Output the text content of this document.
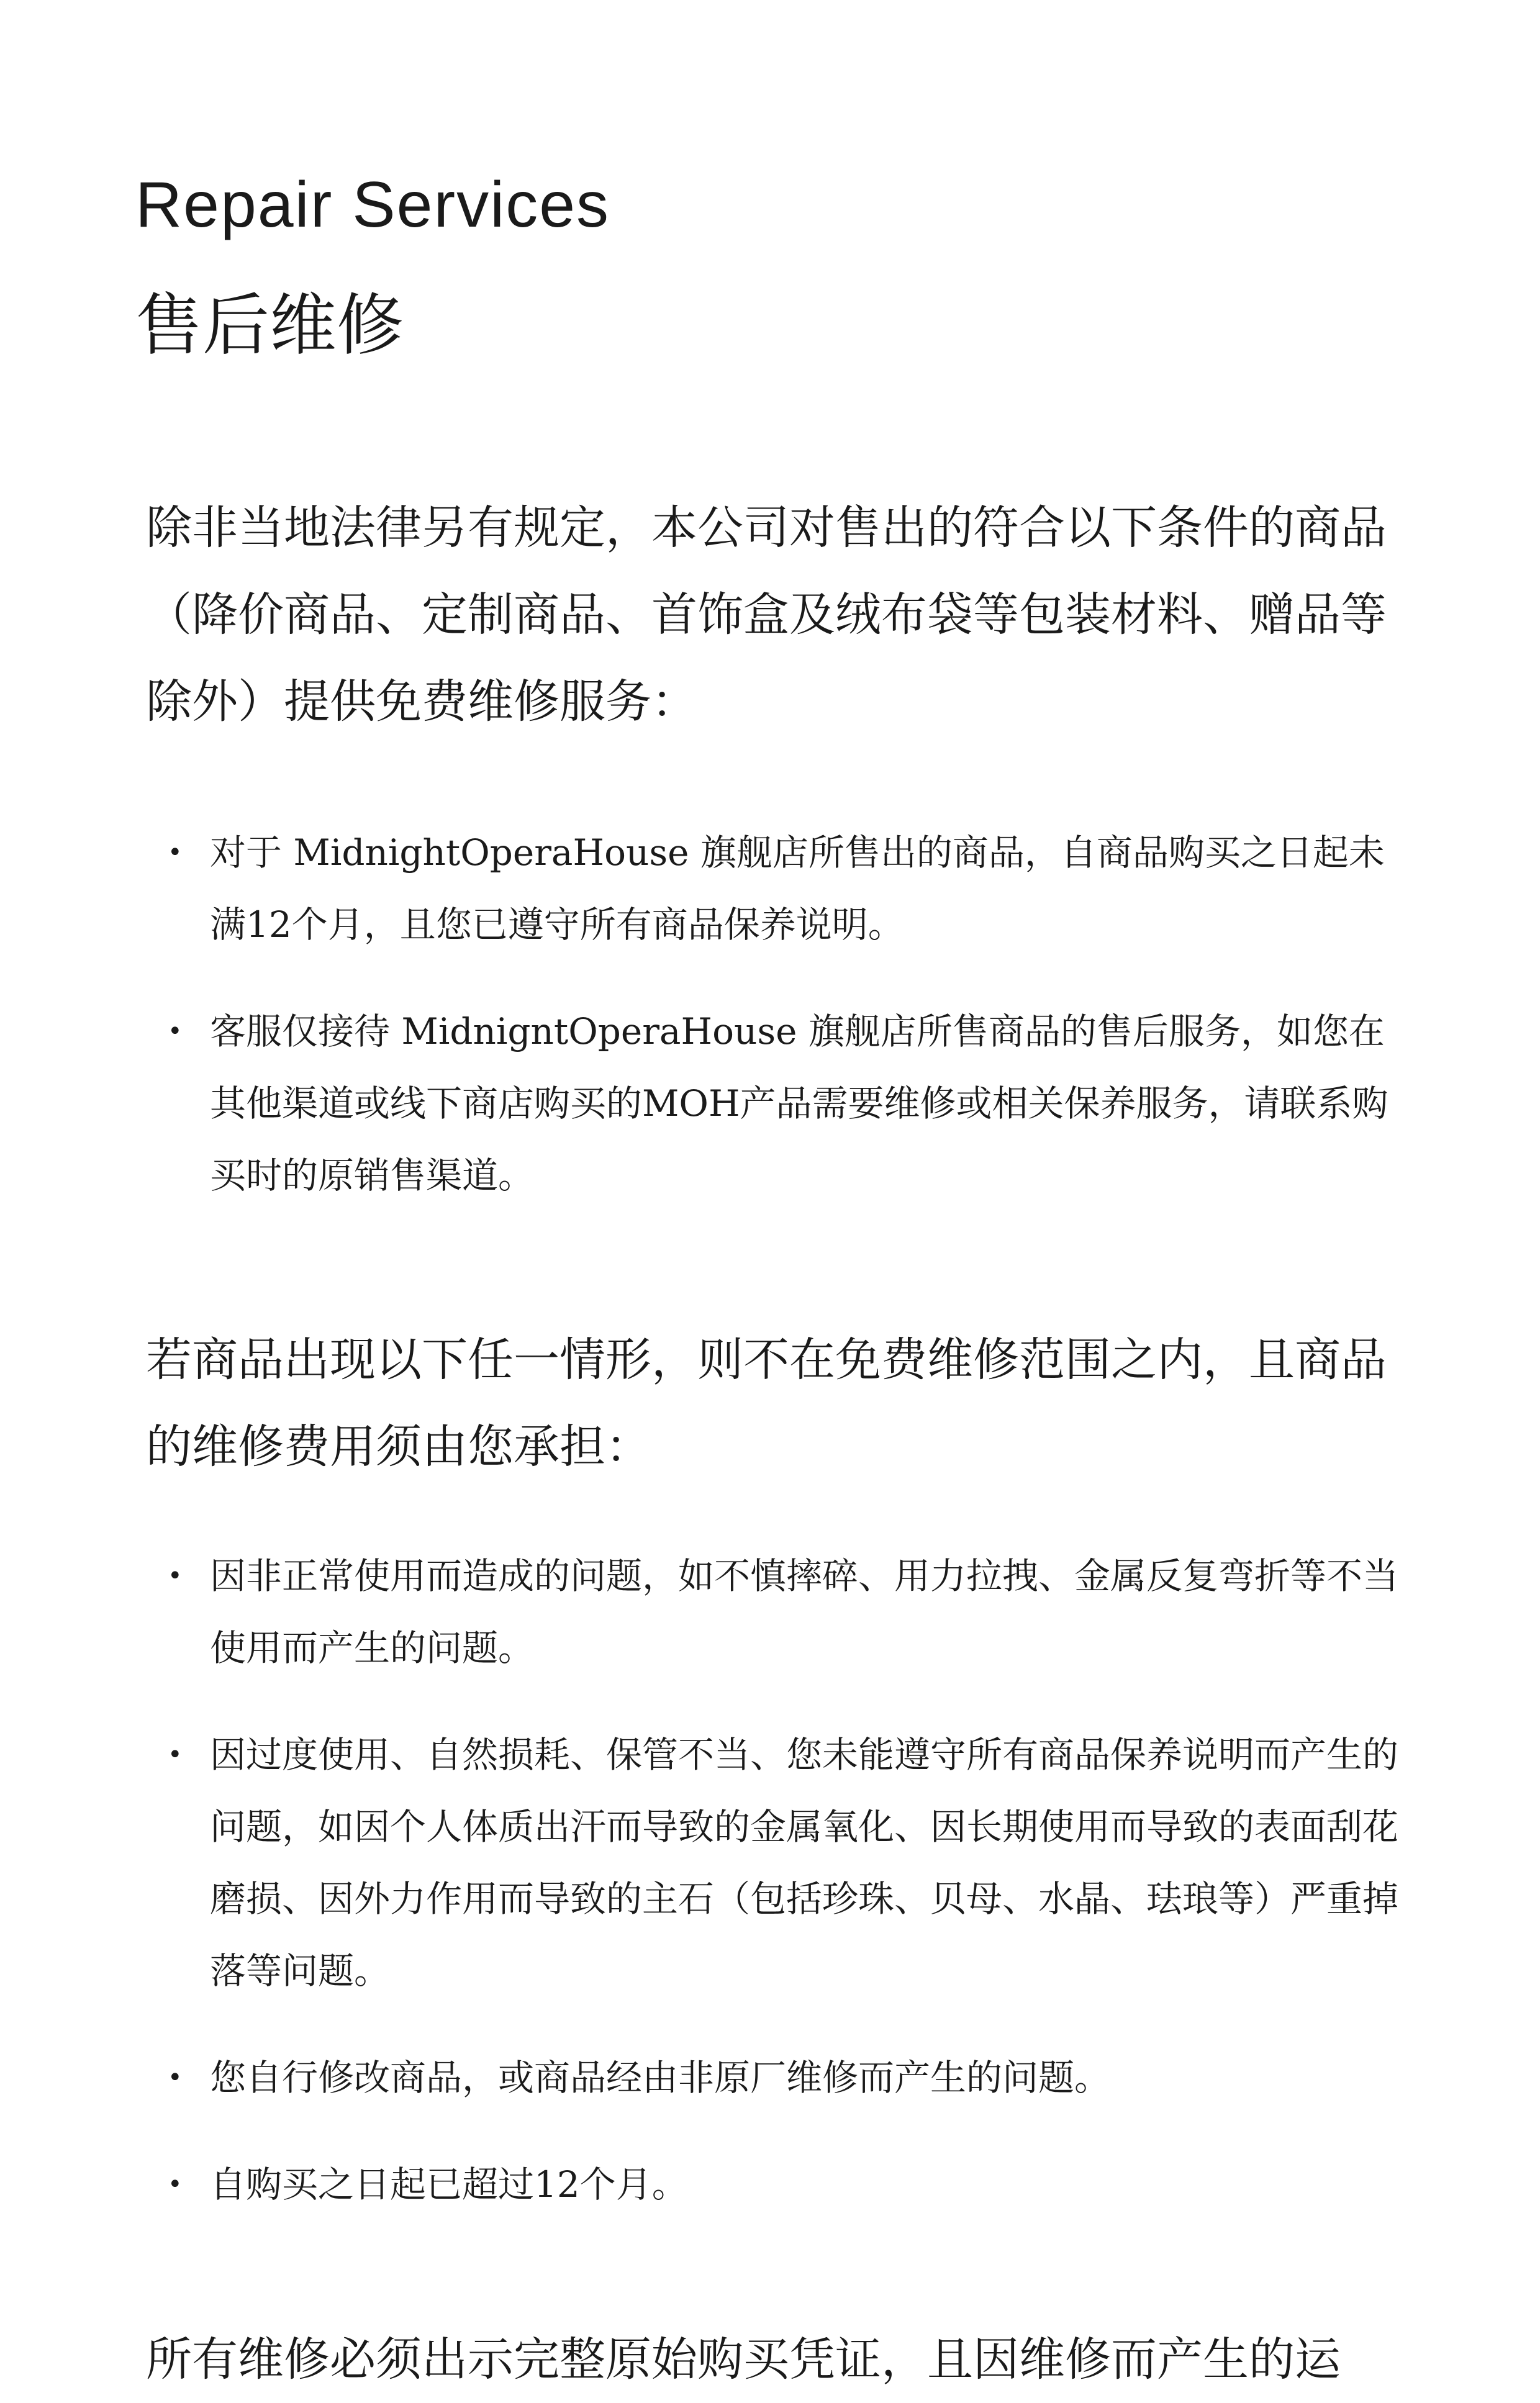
Repair Services
售后维修

除非当地法律另有规定，本公司对售出的符合以下条件的商品（降价商品、定制商品、首饰盒及绒布袋等包装材料、赠品等除外）提供免费维修服务：

• 对于 MidnightOperaHouse 旗舰店所售出的商品，自商品购买之日起未满12个月，且您已遵守所有商品保养说明。
• 客服仅接待 MidnigntOperaHouse 旗舰店所售商品的售后服务，如您在其他渠道或线下商店购买的MOH产品需要维修或相关保养服务，请联系购买时的原销售渠道。

若商品出现以下任一情形，则不在免费维修范围之内，且商品的维修费用须由您承担：

• 因非正常使用而造成的问题，如不慎摔碎、用力拉拽、金属反复弯折等不当使用而产生的问题。
• 因过度使用、自然损耗、保管不当、您未能遵守所有商品保养说明而产生的问题，如因个人体质出汗而导致的金属氧化、因长期使用而导致的表面刮花磨损、因外力作用而导致的主石（包括珍珠、贝母、水晶、珐琅等）严重掉落等问题。
• 您自行修改商品，或商品经由非原厂维修而产生的问题。
• 自购买之日起已超过12个月。

所有维修必须出示完整原始购买凭证，且因维修而产生的运
